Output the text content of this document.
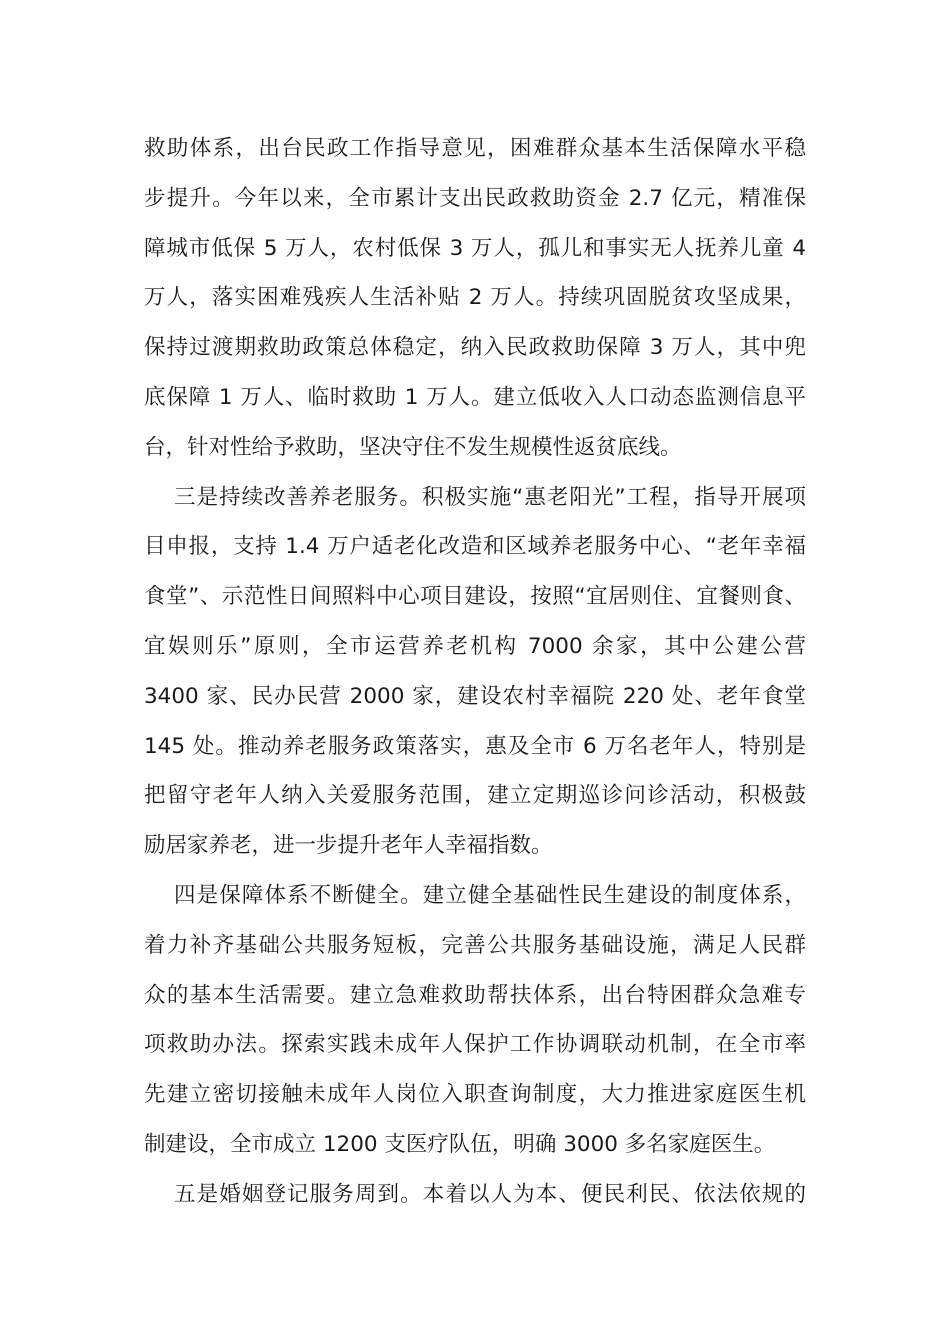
救助体系，出台民政工作指导意见，困难群众基本生活保障水平稳
步提升。今年以来，全市累计支出民政救助资金 2.7 亿元，精准保
障城市低保 5 万人，农村低保 3 万人，孤儿和事实无人抚养儿童 4
万人，落实困难残疾人生活补贴 2 万人。持续巩固脱贫攻坚成果，
保持过渡期救助政策总体稳定，纳入民政救助保障 3 万人，其中兜
底保障 1 万人、临时救助 1 万人。建立低收入人口动态监测信息平
台，针对性给予救助，坚决守住不发生规模性返贫底线。

三是持续改善养老服务。积极实施“惠老阳光”工程，指导开展项
目申报，支持 1.4 万户适老化改造和区域养老服务中心、“老年幸福
食堂”、示范性日间照料中心项目建设，按照“宜居则住、宜餐则食、
宜娱则乐”原则，全市运营养老机构 7000 余家，其中公建公营
3400 家、民办民营 2000 家，建设农村幸福院 220 处、老年食堂
145 处。推动养老服务政策落实，惠及全市 6 万名老年人，特别是
把留守老年人纳入关爱服务范围，建立定期巡诊问诊活动，积极鼓
励居家养老，进一步提升老年人幸福指数。

四是保障体系不断健全。建立健全基础性民生建设的制度体系，
着力补齐基础公共服务短板，完善公共服务基础设施，满足人民群
众的基本生活需要。建立急难救助帮扶体系，出台特困群众急难专
项救助办法。探索实践未成年人保护工作协调联动机制，在全市率
先建立密切接触未成年人岗位入职查询制度，大力推进家庭医生机
制建设，全市成立 1200 支医疗队伍，明确 3000 多名家庭医生。

五是婚姻登记服务周到。本着以人为本、便民利民、依法依规的
